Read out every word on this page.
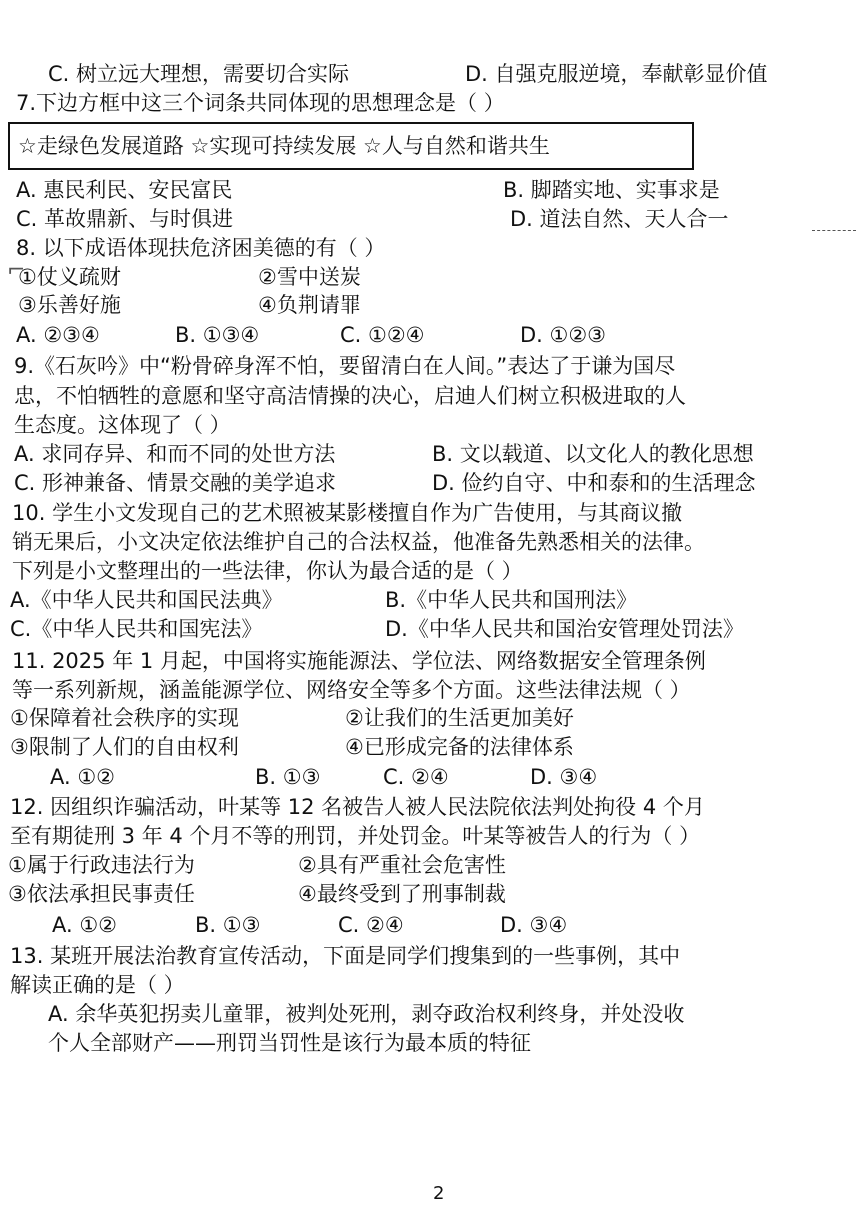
C. 树立远大理想，需要切合实际	D. 自强克服逆境，奉献彰显价值
7.下边方框中这三个词条共同体现的思想理念是（ ）
☆走绿色发展道路 ☆实现可持续发展 ☆人与自然和谐共生
A. 惠民利民、安民富民	B. 脚踏实地、实事求是
C. 革故鼎新、与时俱进	D. 道法自然、天人合一
8. 以下成语体现扶危济困美德的有（ ）
⌐
①仗义疏财	②雪中送炭
③乐善好施	④负荆请罪
A. ②③④	B. ①③④	C. ①②④	D. ①②③
9.《石灰吟》中“粉骨碎身浑不怕，要留清白在人间。”表达了于谦为国尽
忠，不怕牺牲的意愿和坚守高洁情操的决心，启迪人们树立积极进取的人
生态度。这体现了（ ）
A. 求同存异、和而不同的处世方法	B. 文以载道、以文化人的教化思想
C. 形神兼备、情景交融的美学追求	D. 俭约自守、中和泰和的生活理念
10. 学生小文发现自己的艺术照被某影楼擅自作为广告使用，与其商议撤
销无果后，小文决定依法维护自己的合法权益，他准备先熟悉相关的法律。
下列是小文整理出的一些法律，你认为最合适的是（ ）
A.《中华人民共和国民法典》	B.《中华人民共和国刑法》
C.《中华人民共和国宪法》	D.《中华人民共和国治安管理处罚法》
11. 2025 年 1 月起，中国将实施能源法、学位法、网络数据安全管理条例
等一系列新规，涵盖能源学位、网络安全等多个方面。这些法律法规（ ）
①保障着社会秩序的实现	②让我们的生活更加美好
③限制了人们的自由权利	④已形成完备的法律体系
A. ①②	B. ①③	C. ②④	D. ③④
12. 因组织诈骗活动，叶某等 12 名被告人被人民法院依法判处拘役 4 个月
至有期徒刑 3 年 4 个月不等的刑罚，并处罚金。叶某等被告人的行为（ ）
①属于行政违法行为	②具有严重社会危害性
③依法承担民事责任	④最终受到了刑事制裁
A. ①②	B. ①③	C. ②④	D. ③④
13. 某班开展法治教育宣传活动，下面是同学们搜集到的一些事例，其中
解读正确的是（ ）
A. 余华英犯拐卖儿童罪，被判处死刑，剥夺政治权利终身，并处没收
个人全部财产——刑罚当罚性是该行为最本质的特征
2
